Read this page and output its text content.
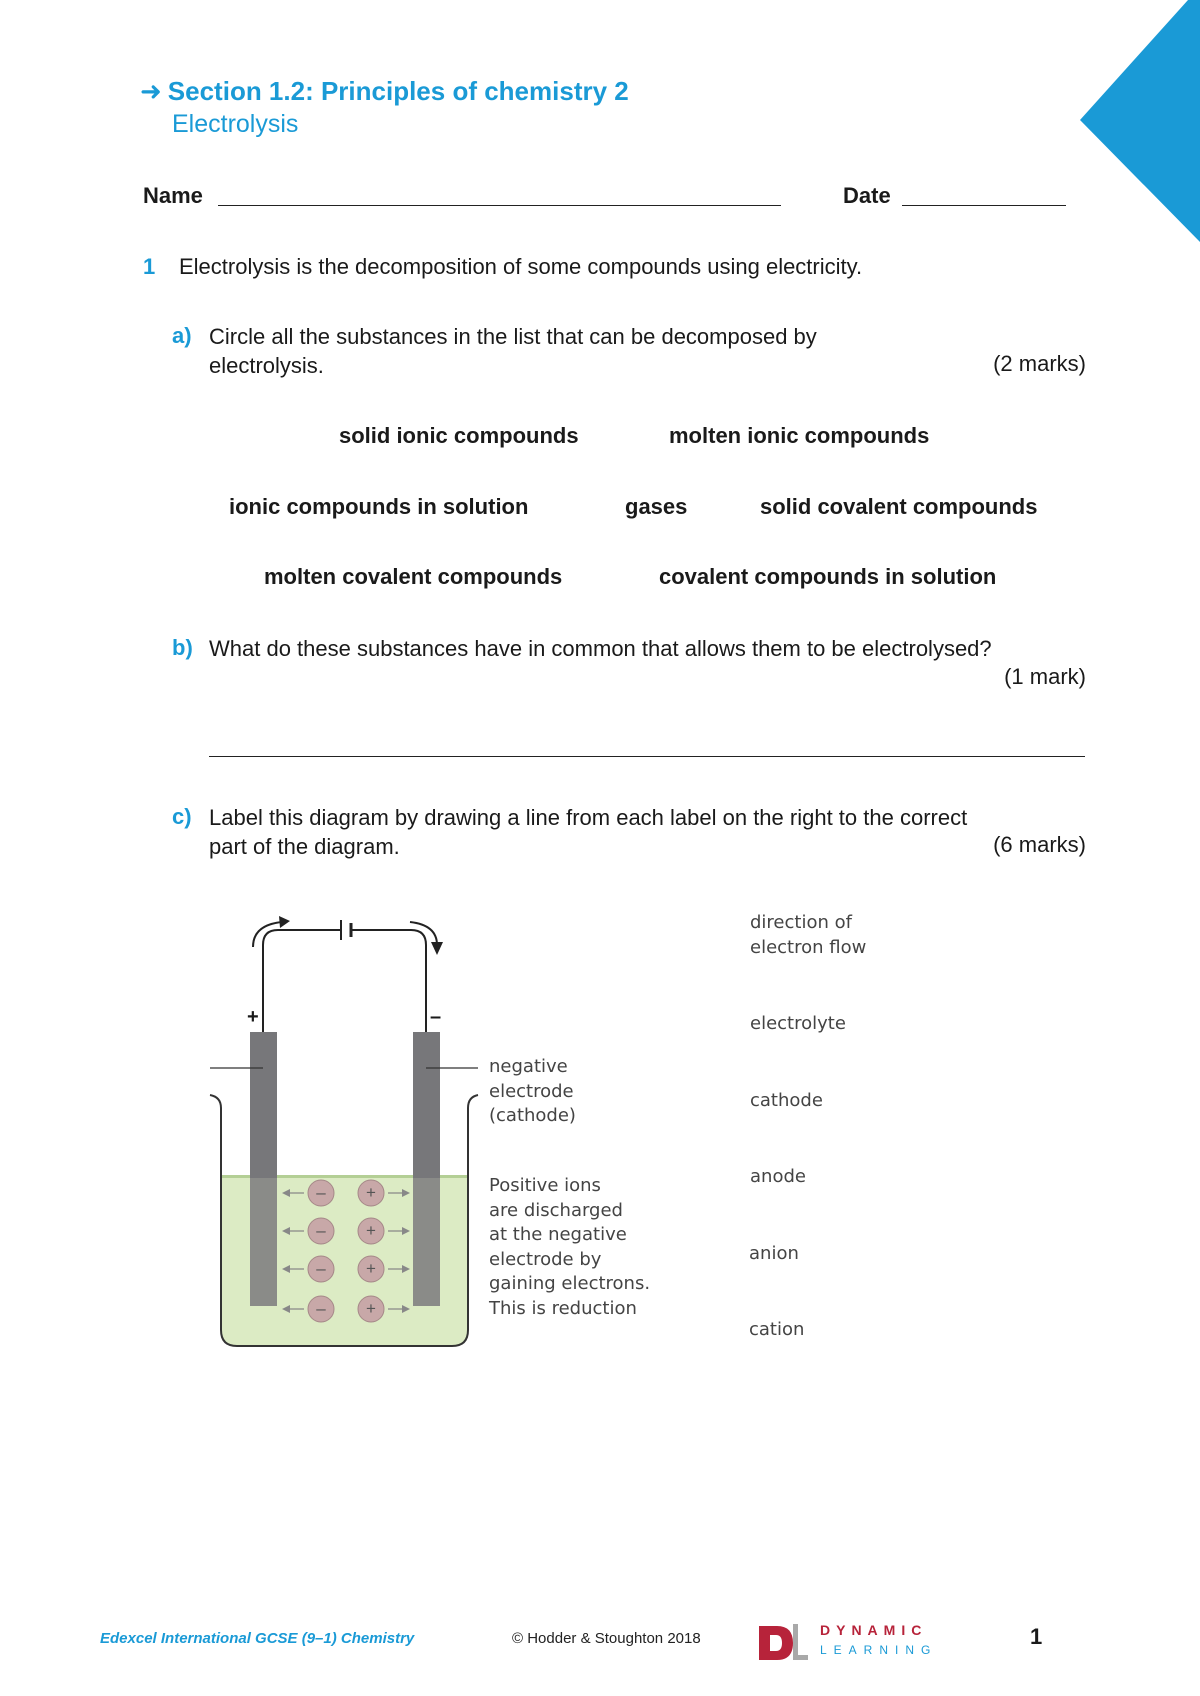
➜ Section 1.2: Principles of chemistry 2
Electrolysis
Name	Date
1 Electrolysis is the decomposition of some compounds using electricity.
a) Circle all the substances in the list that can be decomposed by
electrolysis.	(2 marks)
solid ionic compounds	molten ionic compounds
ionic compounds in solution	gases	solid covalent compounds
molten covalent compounds	covalent compounds in solution
b) What do these substances have in common that allows them to be electrolysed?
(1 mark)
c) Label this diagram by drawing a line from each label on the right to the correct
part of the diagram.	(6 marks)
+	–
– +
– +
– +
– +
negative
electrode
(cathode)
Positive ions
are discharged
at the negative
electrode by
gaining electrons.
This is reduction
direction of
electron flow
electrolyte
cathode
anode
anion
cation
Edexcel International GCSE (9–1) Chemistry	© Hodder & Stoughton 2018	DYNAMIC
LEARNING
1
